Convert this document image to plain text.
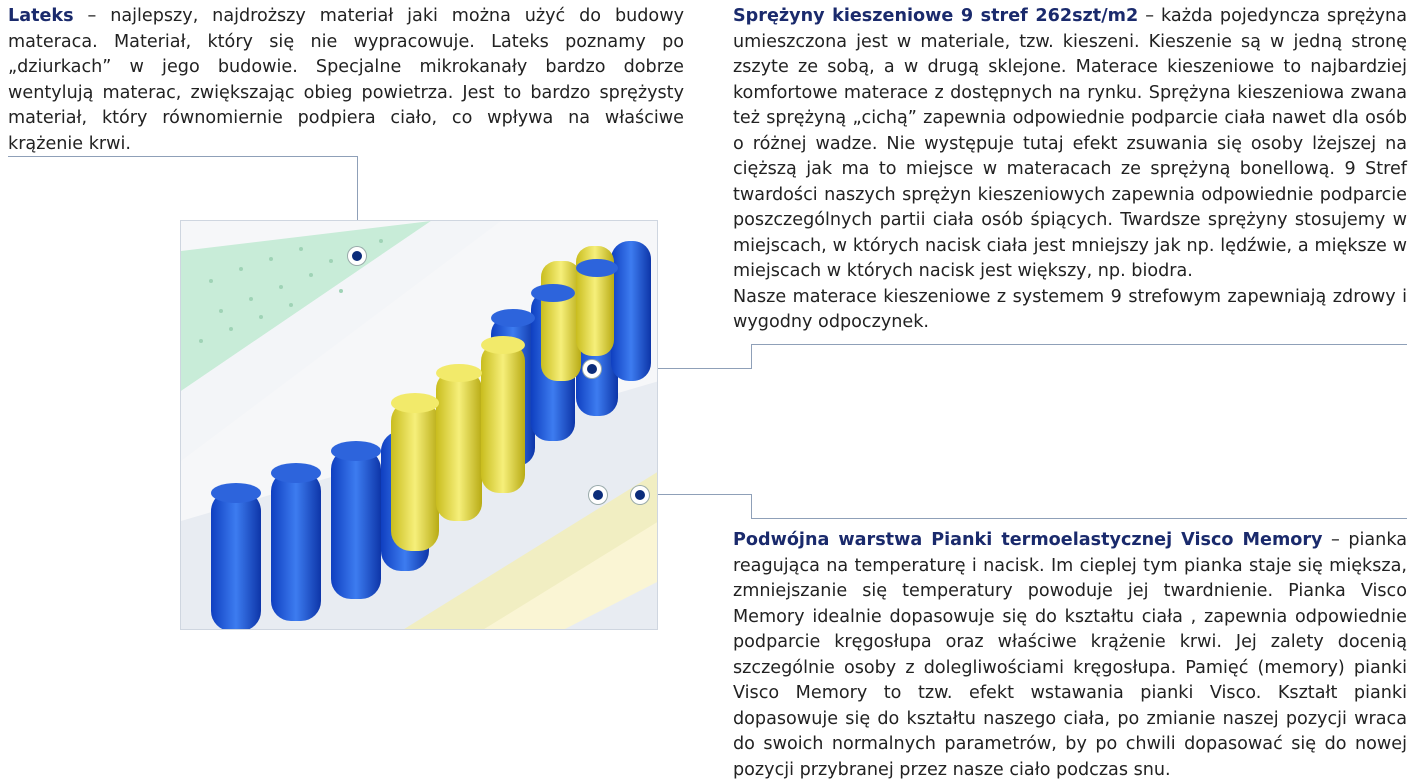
Lateks – najlepszy, najdroższy materiał jaki można użyć do budowy materaca. Materiał, który się nie wypracowuje. Lateks poznamy po „dziurkach” w jego budowie. Specjalne mikrokanały bardzo dobrze wentylują materac, zwiększając obieg powietrza. Jest to bardzo sprężysty materiał, który równomiernie podpiera ciało, co wpływa na właściwe krążenie krwi.

Sprężyny kieszeniowe 9 stref 262szt/m2 – każda pojedyncza sprężyna umieszczona jest w materiale, tzw. kieszeni. Kieszenie są w jedną stronę zszyte ze sobą, a w drugą sklejone. Materace kieszeniowe to najbardziej komfortowe materace z dostępnych na rynku. Sprężyna kieszeniowa zwana też sprężyną „cichą” zapewnia odpowiednie podparcie ciała nawet dla osób o różnej wadze. Nie występuje tutaj efekt zsuwania się osoby lżejszej na cięższą jak ma to miejsce w materacach ze sprężyną bonellową. 9 Stref twardości naszych sprężyn kieszeniowych zapewnia odpowiednie podparcie poszczególnych partii ciała osób śpiących. Twardsze sprężyny stosujemy w miejscach, w których nacisk ciała jest mniejszy jak np. lędźwie, a miększe w miejscach w których nacisk jest większy, np. biodra.

Nasze materace kieszeniowe z systemem 9 strefowym zapewniają zdrowy i wygodny odpoczynek.

Podwójna warstwa Pianki termoelastycznej Visco Memory – pianka reagująca na temperaturę i nacisk. Im cieplej tym pianka staje się miększa, zmniejszanie się temperatury powoduje jej twardnienie. Pianka Visco Memory idealnie dopasowuje się do kształtu ciała , zapewnia odpowiednie podparcie kręgosłupa oraz właściwe krążenie krwi. Jej zalety docenią szczególnie osoby z dolegliwościami kręgosłupa. Pamięć (memory) pianki Visco Memory to tzw. efekt wstawania pianki Visco. Kształt pianki dopasowuje się do kształtu naszego ciała, po zmianie naszej pozycji wraca do swoich normalnych parametrów, by po chwili dopasować się do nowej pozycji przybranej przez nasze ciało podczas snu.
